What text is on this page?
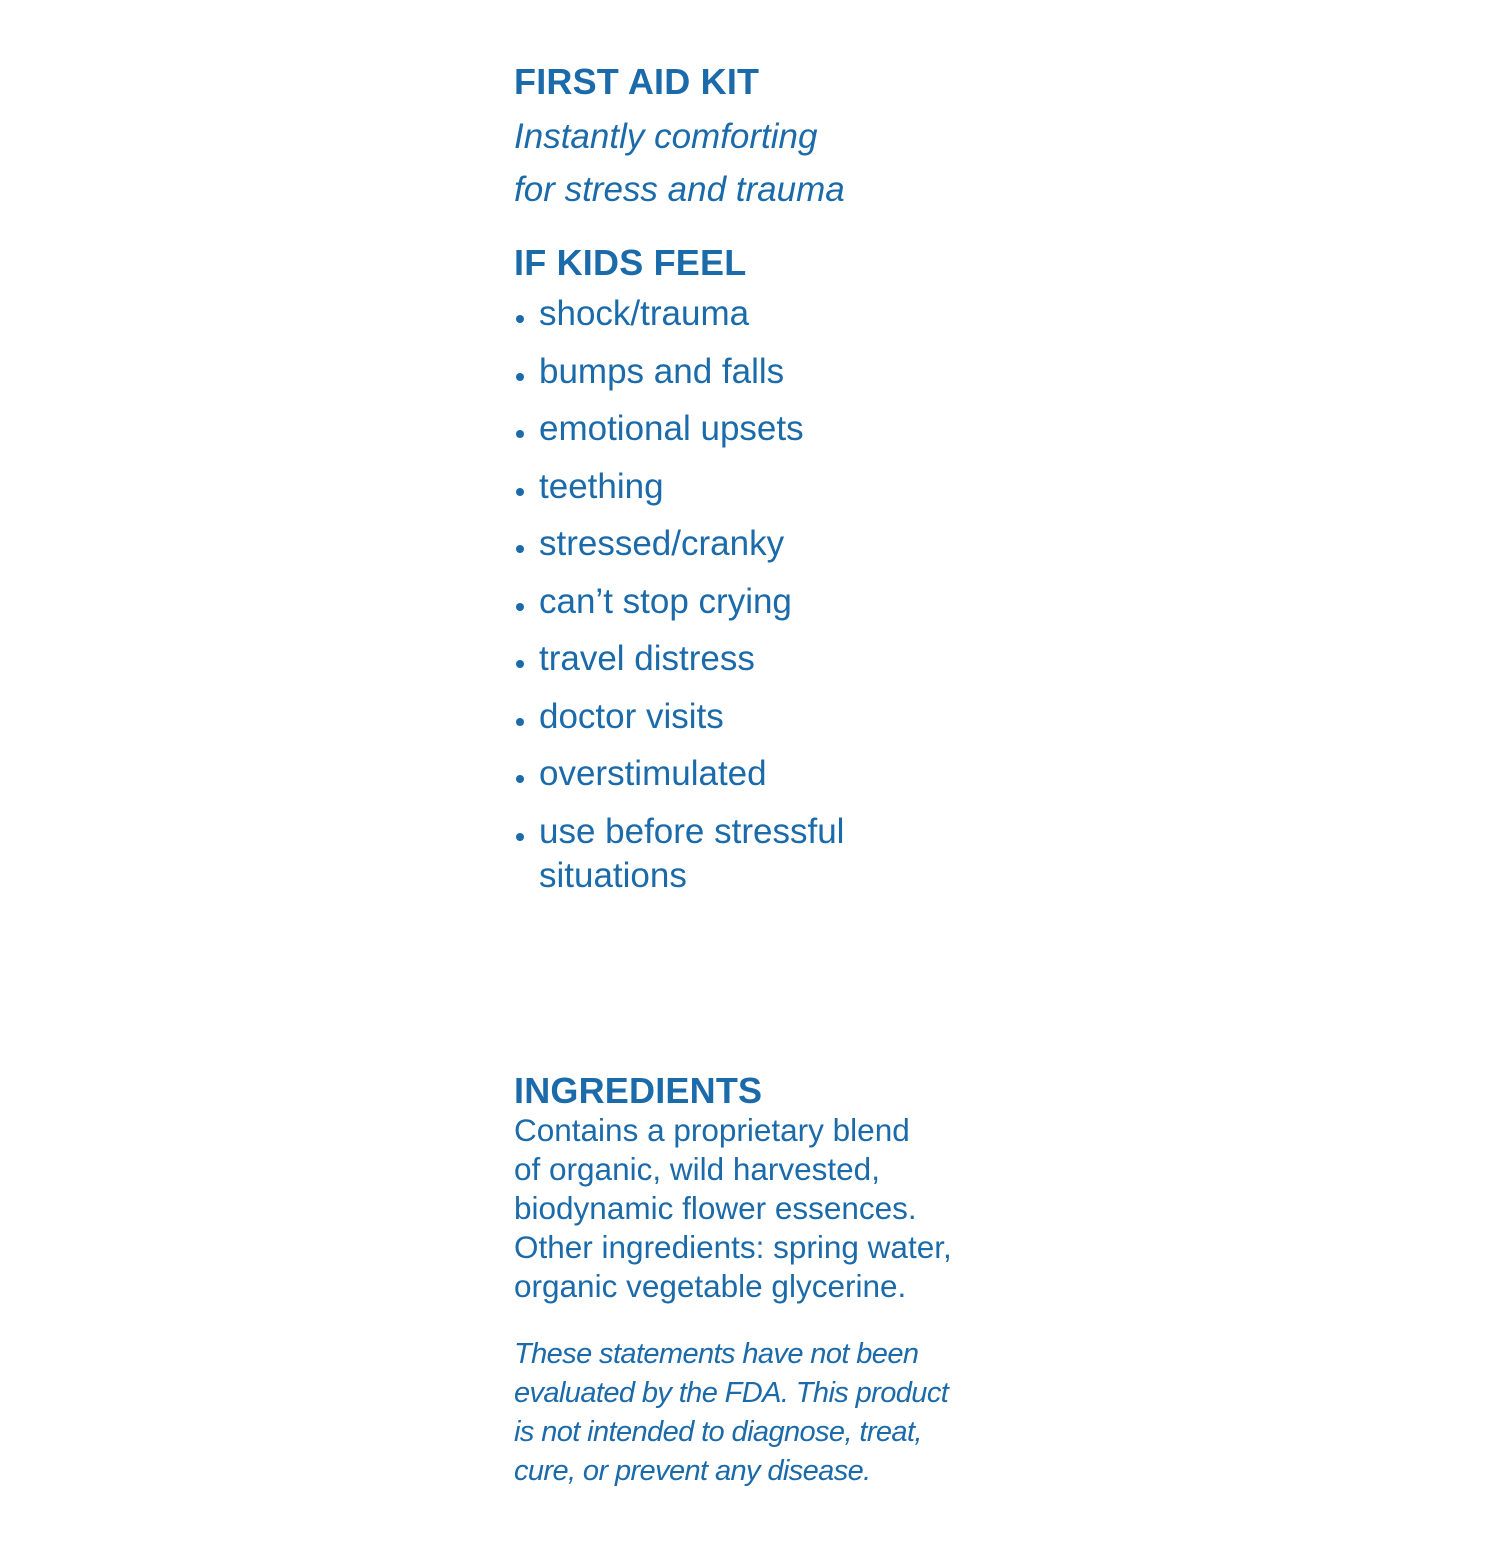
FIRST AID KIT
Instantly comforting
for stress and trauma
IF KIDS FEEL
shock/trauma
bumps and falls
emotional upsets
teething
stressed/cranky
can’t stop crying
travel distress
doctor visits
overstimulated
use before stressful
situations
INGREDIENTS
Contains a proprietary blend
of organic, wild harvested,
biodynamic flower essences.
Other ingredients: spring water,
organic vegetable glycerine.
These statements have not been
evaluated by the FDA. This product
is not intended to diagnose, treat,
cure, or prevent any disease.
